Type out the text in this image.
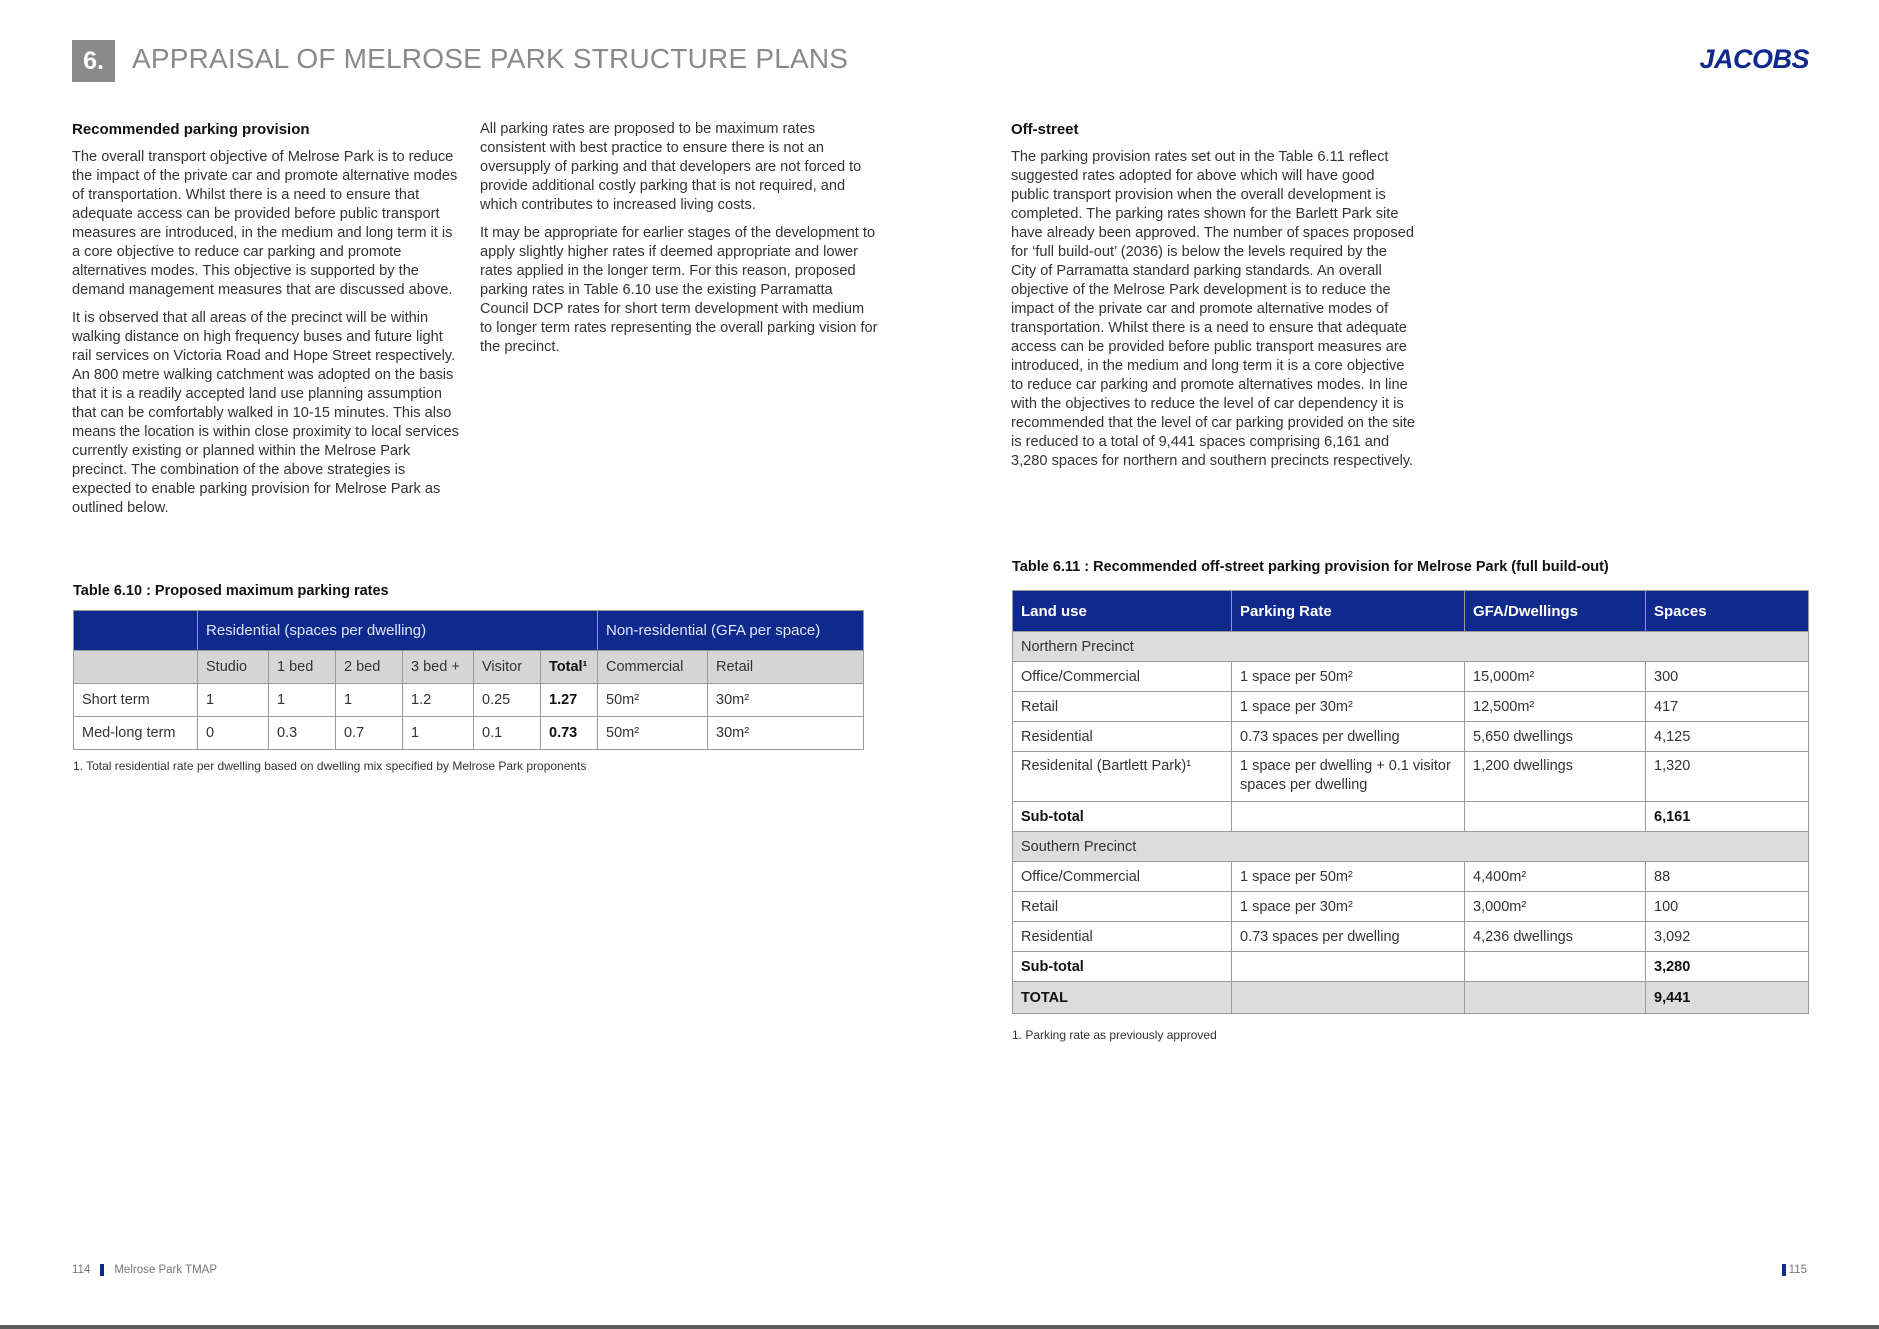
6.	APPRAISAL OF MELROSE PARK STRUCTURE PLANS	JACOBS
Recommended parking provision

The overall transport objective of Melrose Park is to reduce the impact of the private car and promote alternative modes of transportation. Whilst there is a need to ensure that adequate access can be provided before public transport measures are introduced, in the medium and long term it is a core objective to reduce car parking and promote alternatives modes. This objective is supported by the demand management measures that are discussed above.

It is observed that all areas of the precinct will be within walking distance on high frequency buses and future light rail services on Victoria Road and Hope Street respectively. An 800 metre walking catchment was adopted on the basis that it is a readily accepted land use planning assumption that can be comfortably walked in 10-15 minutes. This also means the location is within close proximity to local services currently existing or planned within the Melrose Park precinct. The combination of the above strategies is expected to enable parking provision for Melrose Park as outlined below.

All parking rates are proposed to be maximum rates consistent with best practice to ensure there is not an oversupply of parking and that developers are not forced to provide additional costly parking that is not required, and which contributes to increased living costs.

It may be appropriate for earlier stages of the development to apply slightly higher rates if deemed appropriate and lower rates applied in the longer term. For this reason, proposed parking rates in Table 6.10 use the existing Parramatta Council DCP rates for short term development with medium to longer term rates representing the overall parking vision for the precinct.

Off-street

The parking provision rates set out in the Table 6.11 reflect suggested rates adopted for above which will have good public transport provision when the overall development is completed. The parking rates shown for the Barlett Park site have already been approved. The number of spaces proposed for ‘full build-out’ (2036) is below the levels required by the City of Parramatta standard parking standards. An overall objective of the Melrose Park development is to reduce the impact of the private car and promote alternative modes of transportation. Whilst there is a need to ensure that adequate access can be provided before public transport measures are introduced, in the medium and long term it is a core objective to reduce car parking and promote alternatives modes. In line with the objectives to reduce the level of car dependency it is recommended that the level of car parking provided on the site is reduced to a total of 9,441 spaces comprising 6,161 and 3,280 spaces for northern and southern precincts respectively.

Table 6.10 : Proposed maximum parking rates
	Residential (spaces per dwelling)						Non-residential (GFA per space)	
	Studio	1 bed	2 bed	3 bed +	Visitor	Total¹	Commercial	Retail
Short term	1	1	1	1.2	0.25	1.27	50m²	30m²
Med-long term	0	0.3	0.7	1	0.1	0.73	50m²	30m²
1. Total residential rate per dwelling based on dwelling mix specified by Melrose Park proponents
Table 6.11 : Recommended off-street parking provision for Melrose Park (full build-out)
Land use	Parking Rate	GFA/Dwellings	Spaces
Northern Precinct			
Office/Commercial	1 space per 50m²	15,000m²	300
Retail	1 space per 30m²	12,500m²	417
Residential	0.73 spaces per dwelling	5,650 dwellings	4,125
Residenital (Bartlett Park)¹	1 space per dwelling + 0.1 visitor spaces per dwelling	1,200 dwellings	1,320
Sub-total			6,161
Southern Precinct			
Office/Commercial	1 space per 50m²	4,400m²	88
Retail	1 space per 30m²	3,000m²	100
Residential	0.73 spaces per dwelling	4,236 dwellings	3,092
Sub-total			3,280
TOTAL			9,441
1. Parking rate as previously approved
114 Melrose Park TMAP	115
